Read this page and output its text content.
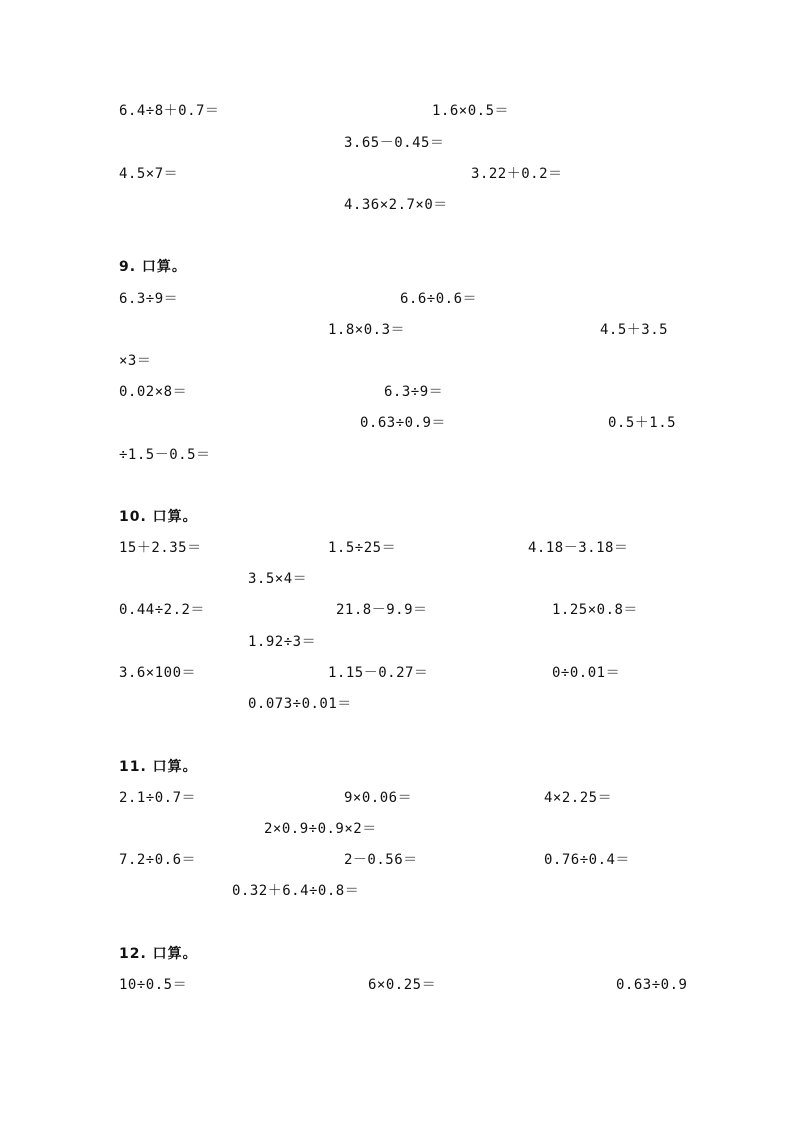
6.4÷8＋0.7＝	1.6×0.5＝
3.65－0.45＝
4.5×7＝	3.22＋0.2＝
4.36×2.7×0＝
9. 口算。
6.3÷9＝	6.6÷0.6＝
1.8×0.3＝	4.5＋3.5
×3＝
0.02×8＝	6.3÷9＝
0.63÷0.9＝	0.5＋1.5
÷1.5－0.5＝
10. 口算。
15＋2.35＝	1.5÷25＝	4.18－3.18＝
3.5×4＝
0.44÷2.2＝	21.8－9.9＝	1.25×0.8＝
1.92÷3＝
3.6×100＝	1.15－0.27＝	0÷0.01＝
0.073÷0.01＝
11. 口算。
2.1÷0.7＝	9×0.06＝	4×2.25＝
2×0.9÷0.9×2＝
7.2÷0.6＝	2－0.56＝	0.76÷0.4＝
0.32＋6.4÷0.8＝
12. 口算。
10÷0.5＝	6×0.25＝	0.63÷0.9
